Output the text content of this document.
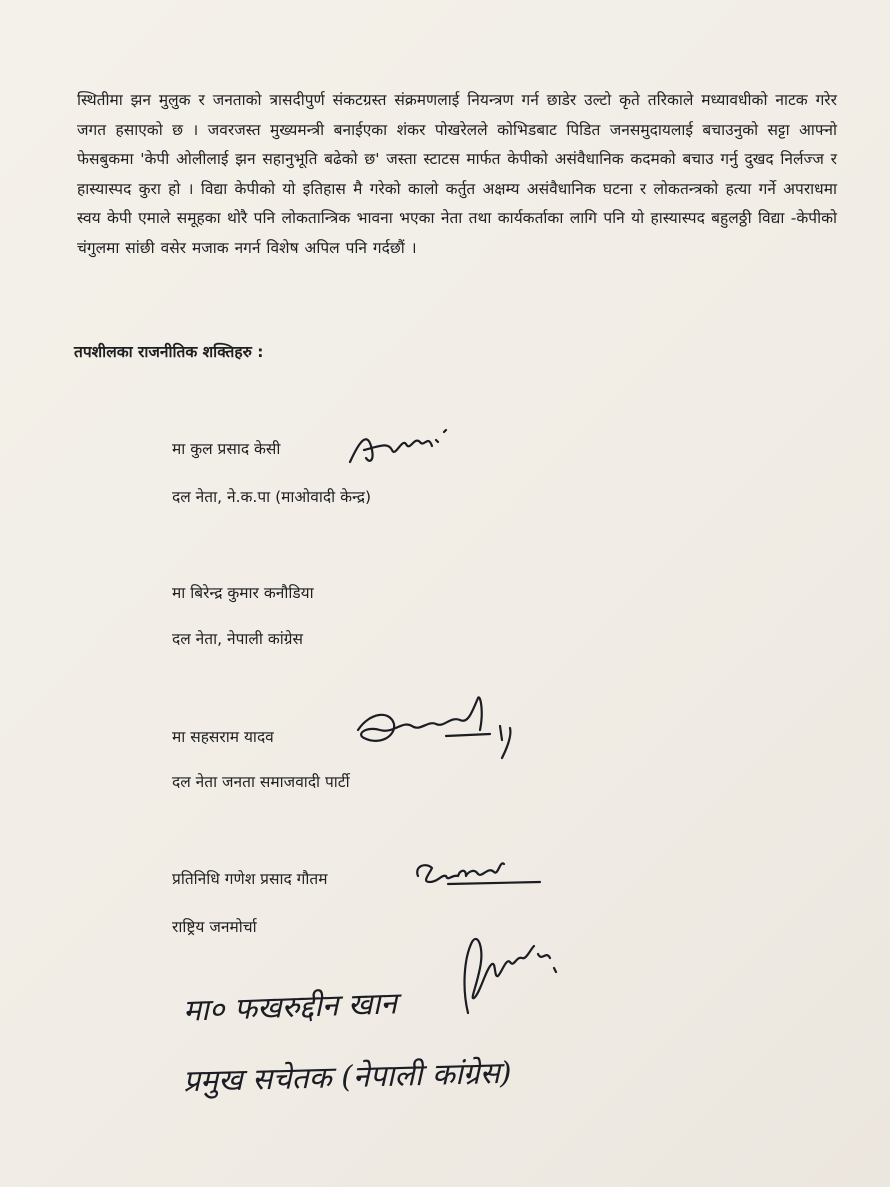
स्थितीमा झन मुलुक र जनताको त्रासदीपुर्ण संकटग्रस्त संक्रमणलाई नियन्त्रण गर्न छाडेर उल्टो कृते तरिकाले मध्यावधीको नाटक गरेर जगत हसाएको छ । जवरजस्त मुख्यमन्त्री बनाईएका शंकर पोखरेलले कोभिडबाट पिडित जनसमुदायलाई बचाउनुको सट्टा आफ्नो फेसबुकमा 'केपी ओलीलाई झन सहानुभूति बढेको छ' जस्ता स्टाटस मार्फत केपीको असंवैधानिक कदमको बचाउ गर्नु दुखद निर्लज्ज र हास्यास्पद कुरा हो । विद्या केपीको यो इतिहास मै गरेको कालो कर्तुत अक्षम्य असंवैधानिक घटना र लोकतन्त्रको हत्या गर्ने अपराधमा स्वय केपी एमाले समूहका थोरै पनि लोकतान्त्रिक भावना भएका नेता तथा कार्यकर्ताका लागि पनि यो हास्यास्पद बहुलठ्ठी विद्या -केपीको चंगुलमा सांछी वसेर मजाक नगर्न विशेष अपिल पनि गर्दछौं ।

तपशीलका राजनीतिक शक्तिहरु :

मा कुल प्रसाद केसी

दल नेता, ने.क.पा (माओवादी केन्द्र)

मा बिरेन्द्र कुमार कनौडिया

दल नेता, नेपाली कांग्रेस

मा सहसराम यादव

दल नेता जनता समाजवादी पार्टी

प्रतिनिधि गणेश प्रसाद गौतम

राष्ट्रिय जनमोर्चा

मा० फखरुद्दीन खान

प्रमुख सचेतक (नेपाली कांग्रेस)
